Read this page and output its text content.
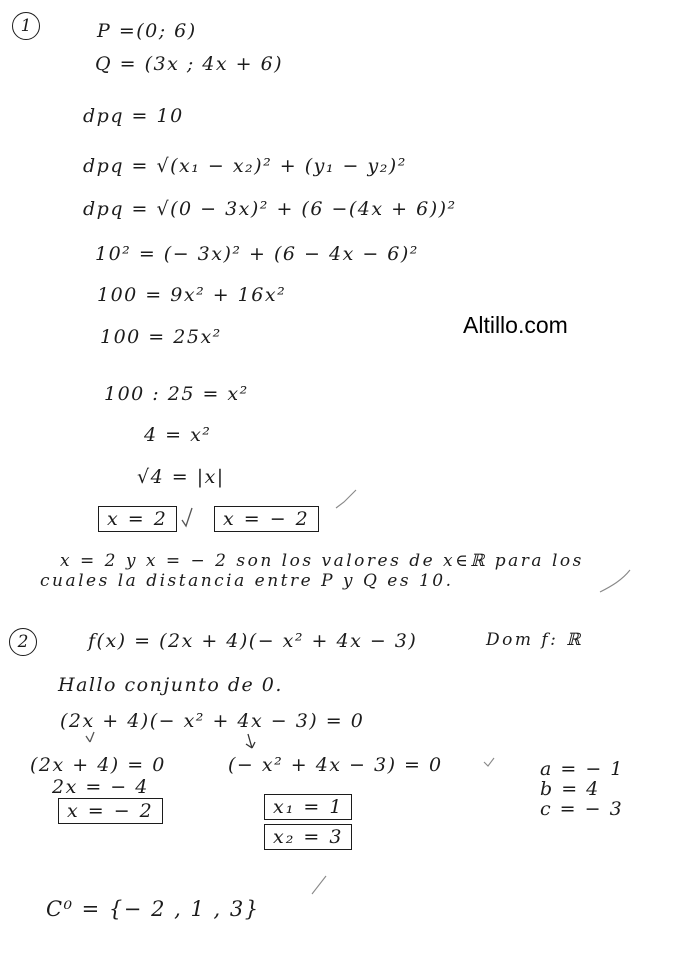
Altillo.com
1	P =(0; 6)
Q = (3x ; 4x + 6)
dpq = 10
dpq = √(x₁ − x₂)² + (y₁ − y₂)²
dpq = √(0 − 3x)² + (6 −(4x + 6))²
10² = (− 3x)² + (6 − 4x − 6)²
100 = 9x² + 16x²
100 = 25x²
100 : 25 = x²
4 = x²
√4 = |x|
x = 2	x = − 2
x = 2 y x = − 2 son los valores de x∈ℝ para los
cuales la distancia entre P y Q es 10.
2	f(x) = (2x + 4)(− x² + 4x − 3)	Dom f: ℝ
Hallo conjunto de 0.
(2x + 4)(− x² + 4x − 3) = 0
(2x + 4) = 0
2x = − 4
x = − 2
(− x² + 4x − 3) = 0
x₁ = 1
x₂ = 3
a = − 1
b = 4
c = − 3
C⁰ = {− 2 , 1 , 3}
